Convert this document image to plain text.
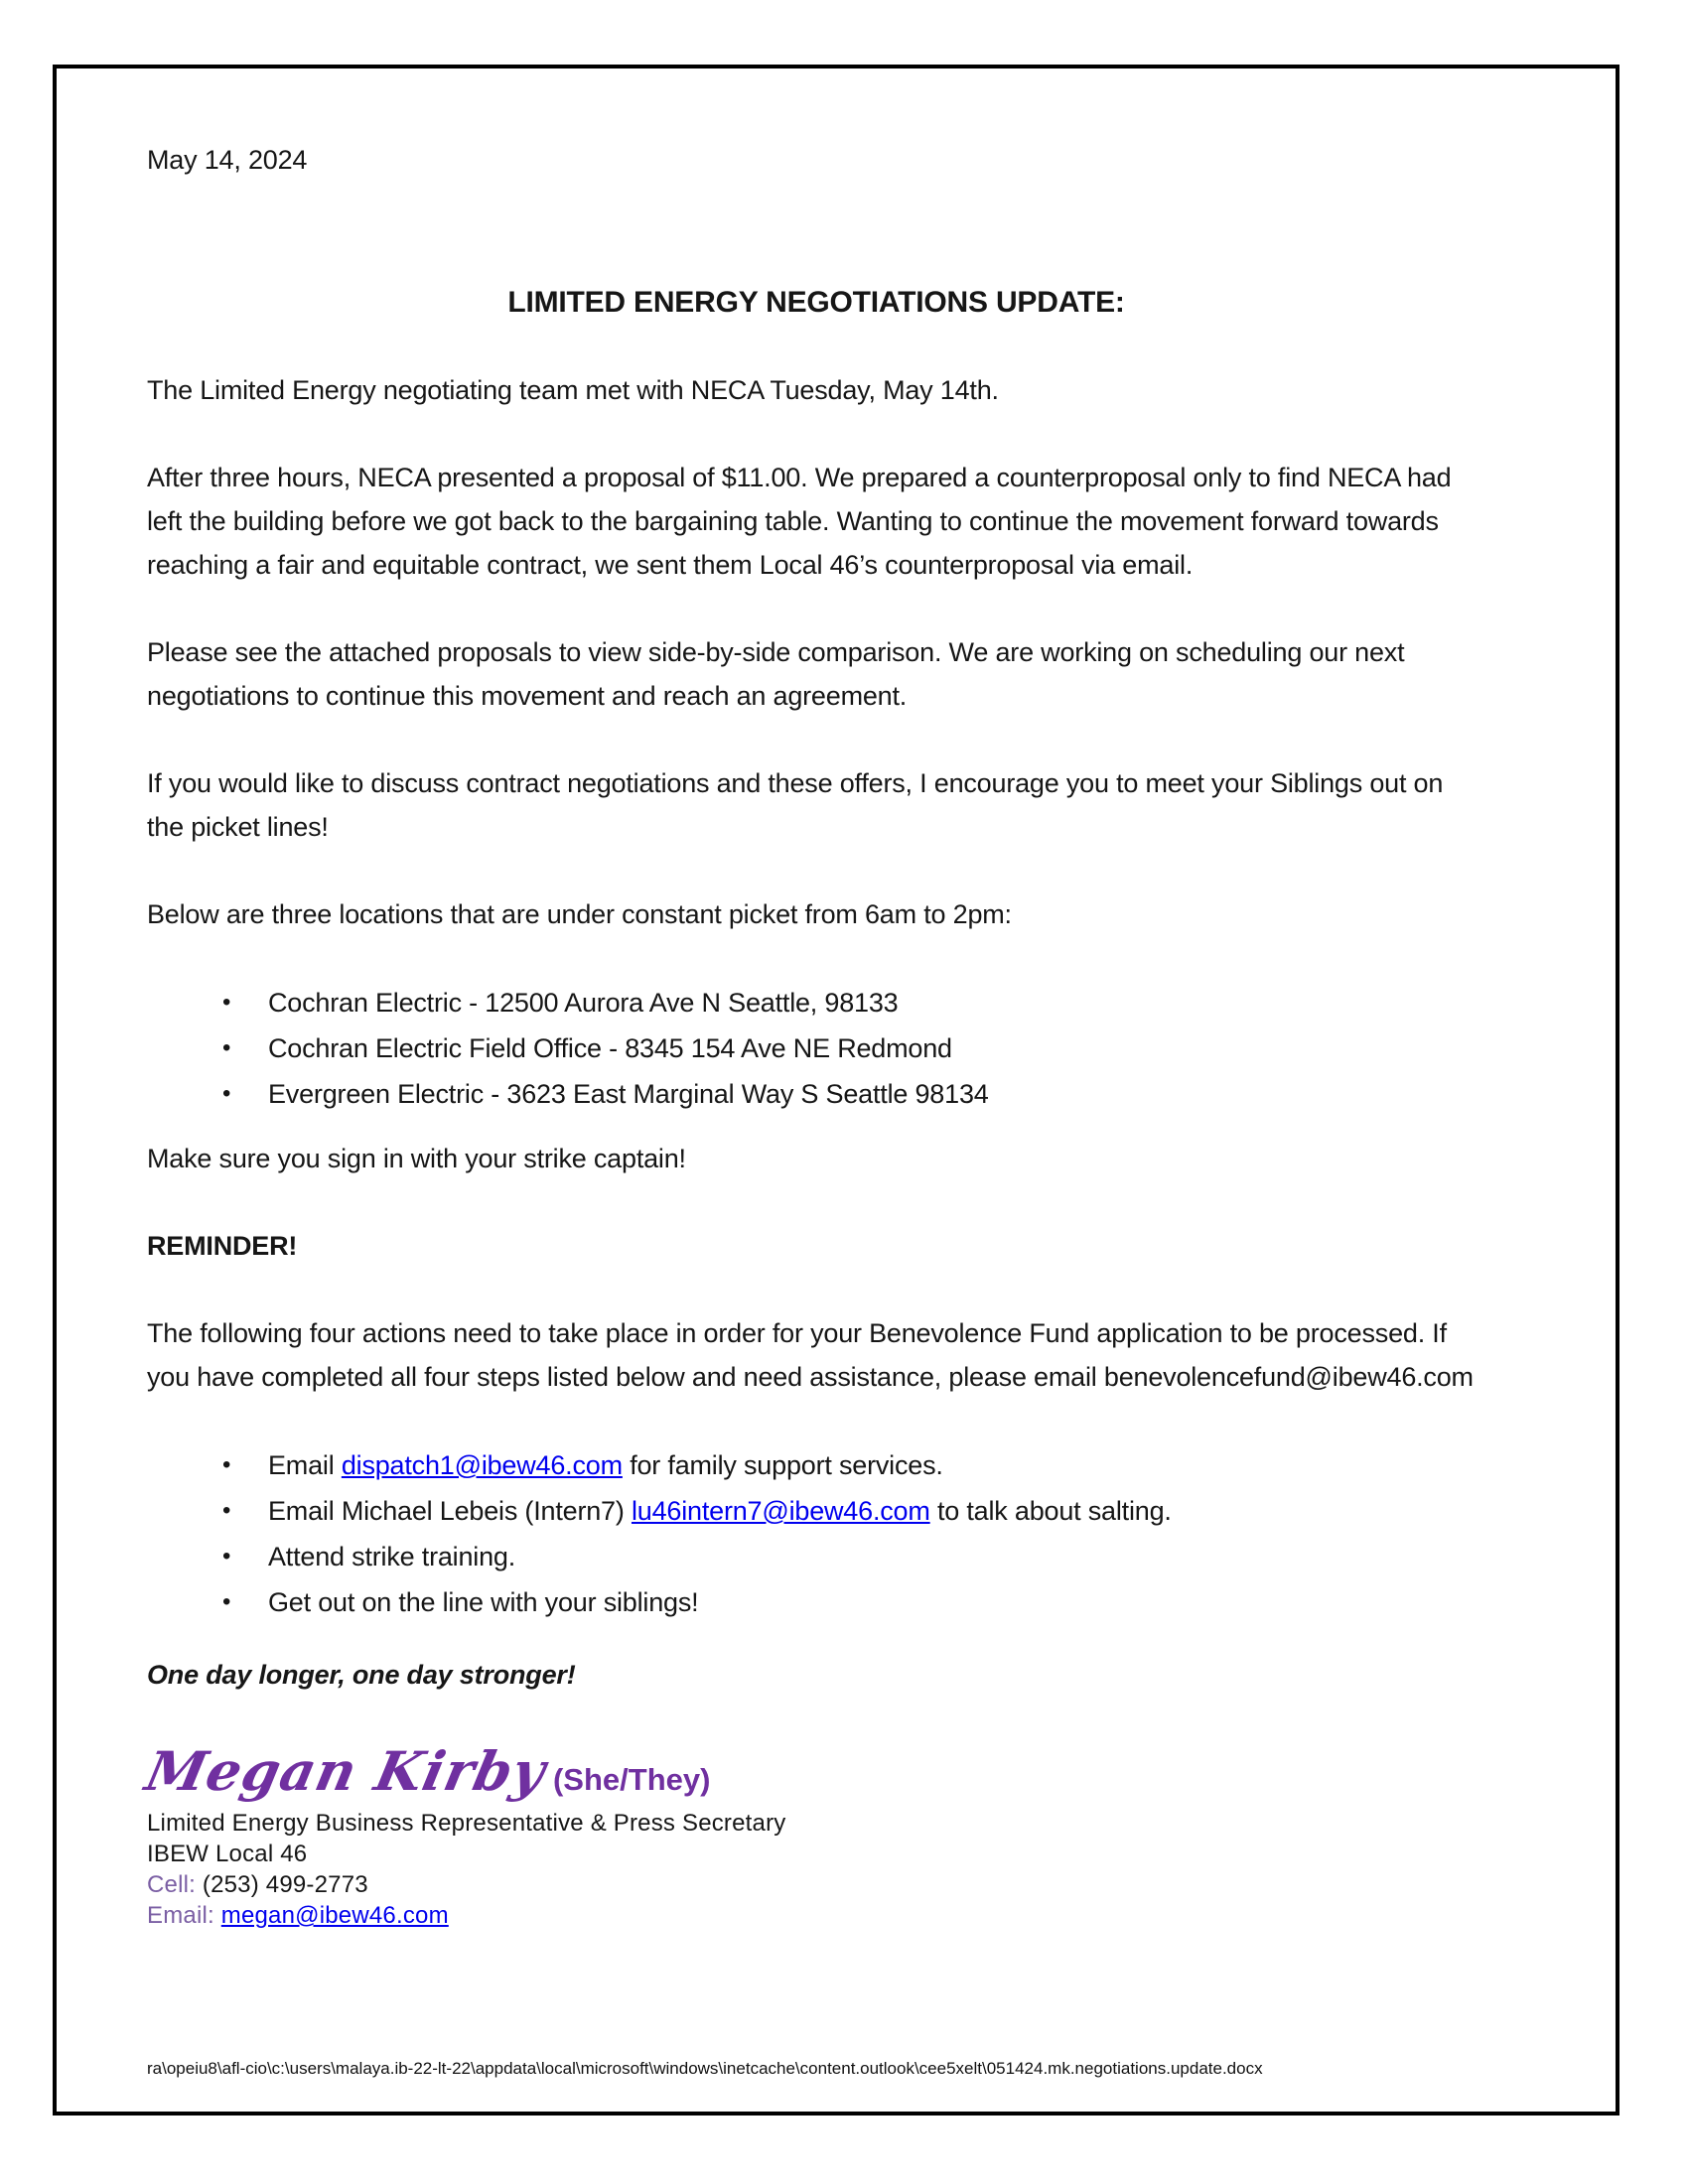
May 14, 2024

LIMITED ENERGY NEGOTIATIONS UPDATE:

The Limited Energy negotiating team met with NECA Tuesday, May 14th.

After three hours, NECA presented a proposal of $11.00. We prepared a counterproposal only to find NECA had left the building before we got back to the bargaining table. Wanting to continue the movement forward towards reaching a fair and equitable contract, we sent them Local 46’s counterproposal via email.

Please see the attached proposals to view side-by-side comparison. We are working on scheduling our next negotiations to continue this movement and reach an agreement.

If you would like to discuss contract negotiations and these offers, I encourage you to meet your Siblings out on the picket lines!

Below are three locations that are under constant picket from 6am to 2pm:

• Cochran Electric - 12500 Aurora Ave N Seattle, 98133
• Cochran Electric Field Office - 8345 154 Ave NE Redmond
• Evergreen Electric - 3623 East Marginal Way S Seattle 98134

Make sure you sign in with your strike captain!

REMINDER!

The following four actions need to take place in order for your Benevolence Fund application to be processed. If you have completed all four steps listed below and need assistance, please email benevolencefund@ibew46.com

• Email dispatch1@ibew46.com for family support services.
• Email Michael Lebeis (Intern7) lu46intern7@ibew46.com to talk about salting.
• Attend strike training.
• Get out on the line with your siblings!

One day longer, one day stronger!

Megan Kirby(She/They)

Limited Energy Business Representative & Press Secretary

IBEW Local 46

Cell: (253) 499-2773

Email: megan@ibew46.com

ra\opeiu8\afl-cio\c:\users\malaya.ib-22-lt-22\appdata\local\microsoft\windows\inetcache\content.outlook\cee5xelt\051424.mk.negotiations.update.docx
